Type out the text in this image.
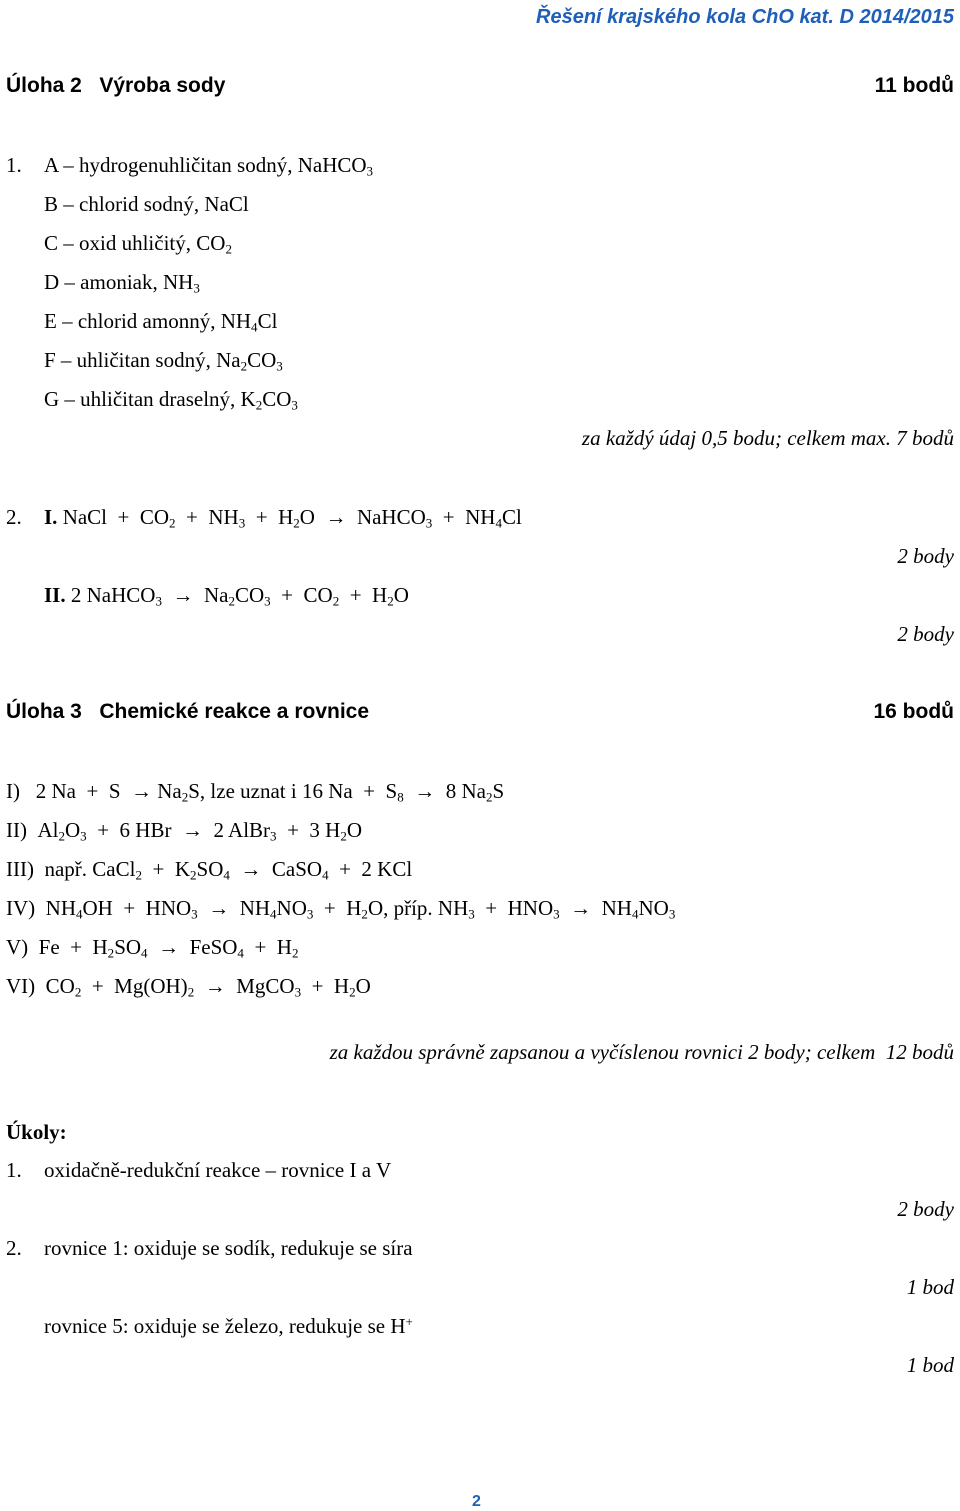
Řešení krajského kola ChO kat. D 2014/2015
Úloha 2   Výroba sody	11 bodů
1. A – hydrogenuhličitan sodný, NaHCO$_3$
B – chlorid sodný, NaCl
C – oxid uhličitý, $CO_2$
D – amoniak, $NH_3$
E – chlorid amonný, $NH_4Cl$
F – uhličitan sodný, $Na_2CO_3$
G – uhličitan draselný, $K_2CO_3$
za každý údaj 0,5 bodu; celkem max. 7 bodů
2. I. NaCl  +  $CO_2 + NH_3 + H_2O$  →  NaHCO$_3$  +  $NH_4Cl$
2 body
II. 2 NaHCO$_3$  →  $Na_2CO_3 + CO_2 + H_2O$
2 body
Úloha 3   Chemické reakce a rovnice	16 bodů
I)   2 $Na + S \to Na_2S$, lze uznat i 16 $Na + S_8 \to 8$ $Na_2S$
II)  $Al_2O_3 + 6$ HBr  →  2 AlBr$_3$  +  3 $H_2O$
III)  např. CaCl$_2$  +  $K_2SO_4$  →  CaSO$_4$  +  2 KCl
IV)  $NH_4OH + HNO_3 \to NH_4NO_3 + H_2O$, příp. $NH_3 + HNO_3 \to NH_4NO_3$
V)  $Fe + H_2SO_4$  →  FeSO$_4$  +  $H_2$
VI)  $CO_2 + Mg(OH)_2$  →  MgCO$_3$  +  $H_2O$
za každou správně zapsanou a vyčíslenou rovnici 2 body; celkem  12 bodů
Úkoly:
1. oxidačně-redukční reakce – rovnice I a V
2 body
2. rovnice 1: oxiduje se sodík, redukuje se síra
1 bod
rovnice 5: oxiduje se železo, redukuje se H+
1 bod
2
